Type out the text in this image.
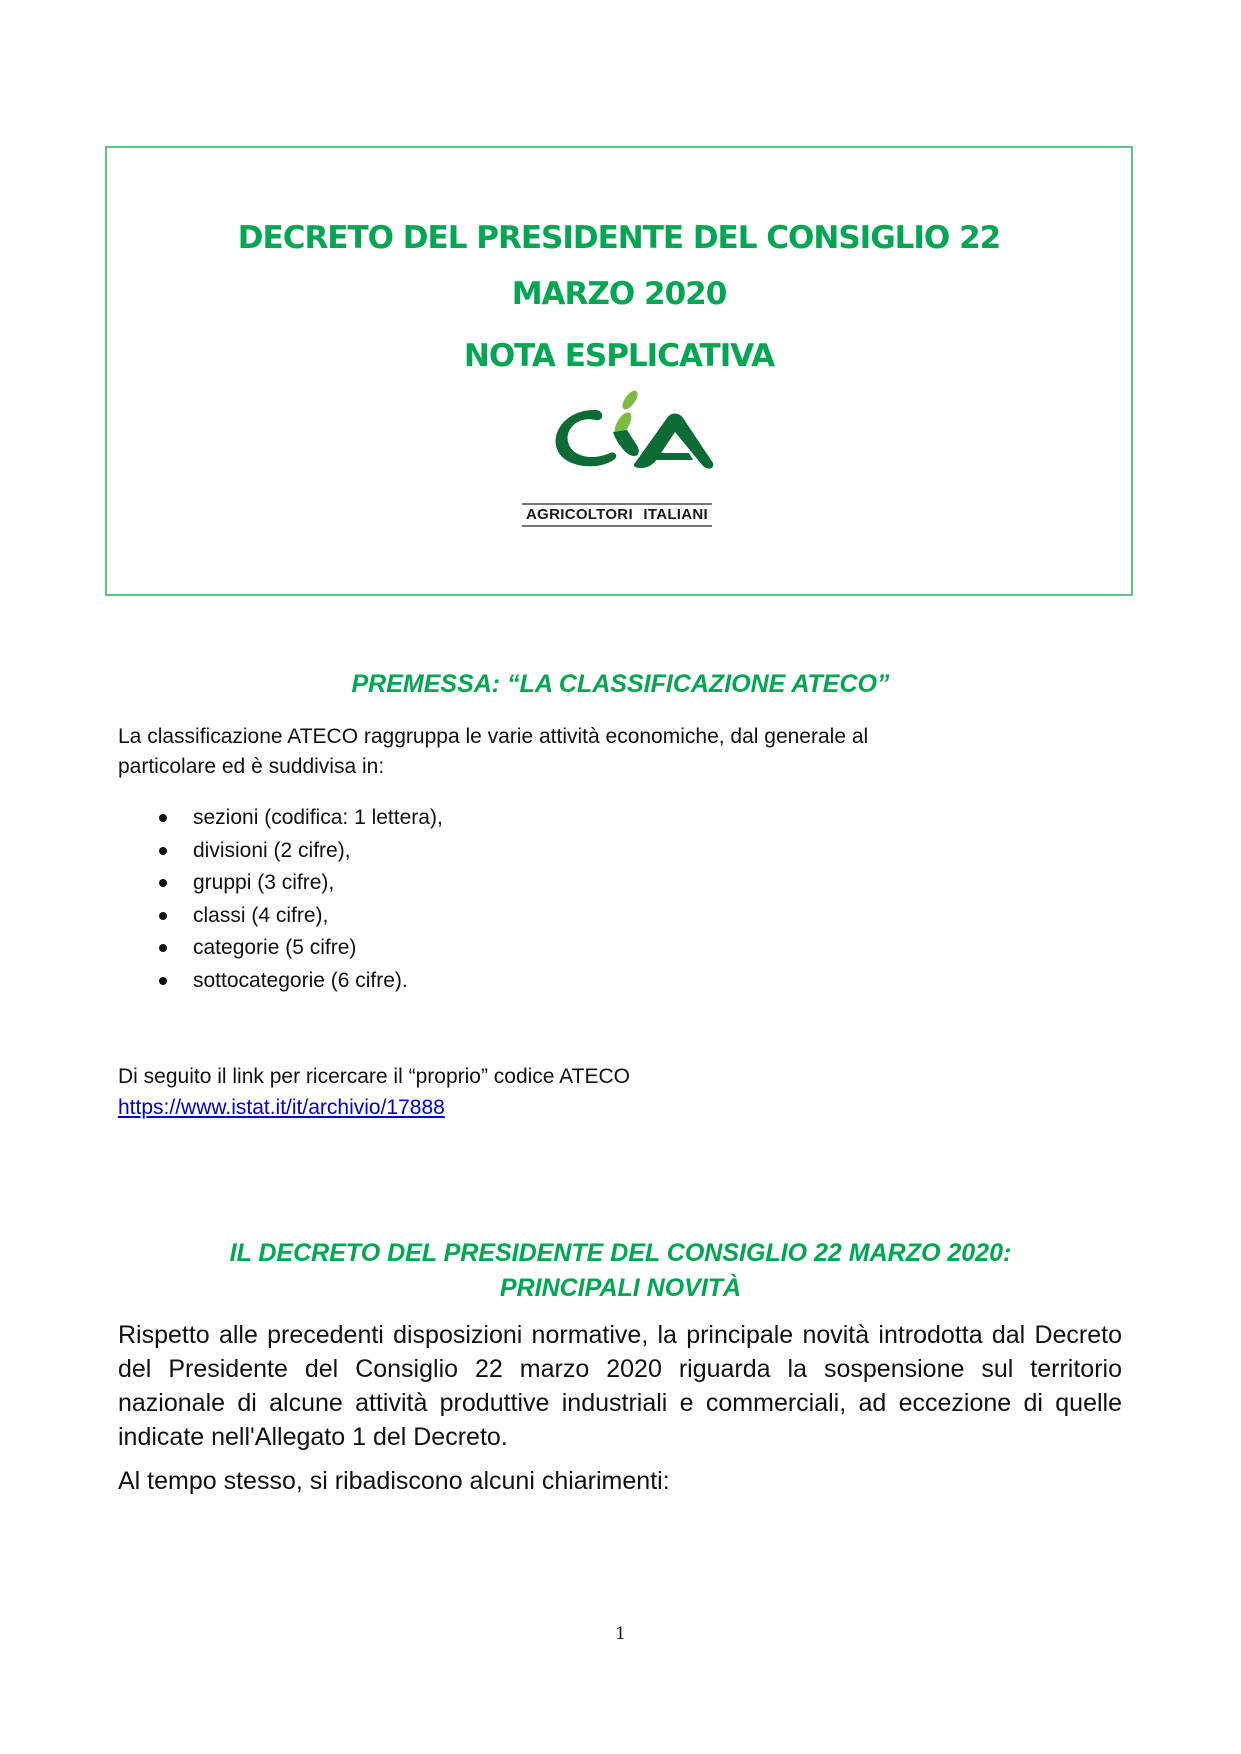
DECRETO DEL PRESIDENTE DEL CONSIGLIO 22
MARZO 2020
NOTA ESPLICATIVA
AGRICOLTORI ITALIANI
PREMESSA: “LA CLASSIFICAZIONE ATECO”
La classificazione ATECO raggruppa le varie attività economiche, dal generale al
particolare ed è suddivisa in:
sezioni (codifica: 1 lettera),
divisioni (2 cifre),
gruppi (3 cifre),
classi (4 cifre),
categorie (5 cifre)
sottocategorie (6 cifre).
Di seguito il link per ricercare il “proprio” codice ATECO
https://www.istat.it/it/archivio/17888
IL DECRETO DEL PRESIDENTE DEL CONSIGLIO 22 MARZO 2020:
PRINCIPALI NOVITÀ
Rispetto alle precedenti disposizioni normative, la principale novità introdotta dal Decreto del Presidente del Consiglio 22 marzo 2020 riguarda la sospensione sul territorio nazionale di alcune attività produttive industriali e commerciali, ad eccezione di quelle indicate nell'Allegato 1 del Decreto.
Al tempo stesso, si ribadiscono alcuni chiarimenti:
1
